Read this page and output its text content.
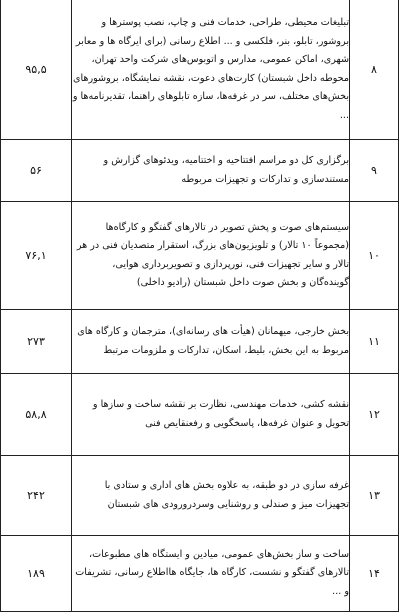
۸	تبلیغات محیطی، طراحی، خدمات فنی و چاپ، نصب پوسترها و بروشور، تابلو، بنر، فلکسی و ... اطلاع رسانی (برای ایرگاه ها و معابر شهری، اماکن عمومی، مدارس و اتوبوس‌های شرکت واحد تهران، محوطه داخل شبستان) کارت‌های دعوت، نقشه نمایشگاه، بروشورهای بخش‌های مختلف، سر در غرفه‌ها، سازه تابلوهای راهنما، تقدیرنامه‌ها و ...	۹۵,۵
۹	برگزاری کل دو مراسم افتتاحیه و اختتامیه، ویدئوهای گزارش و مستندسازی و تدارکات و تجهیزات مربوطه	۵۶
۱۰	سیستم‌های صوت و پخش تصویر در تالارهای گفتگو و کارگاه‌ها (مجموعاً ۱۰ تالار) و تلویزیون‌های بزرگ، استقرار متصدیان فنی در هر تالار و سایر تجهیزات فنی، نورپردازی و تصویربرداری هوایی، گوینده‌گان و بخش صوت داخل شبستان (رادیو داخلی)	۷۶,۱
۱۱	بخش خارجی، میهمانان (هیأت های رسانه‌ای)، مترجمان و کارگاه های مربوط به این بخش، بلیط، اسکان، تدارکات و ملزومات مرتبط	۲۷۳
۱۲	نقشه کشی، خدمات مهندسی، نظارت بر نقشه ساخت و سازها و تحویل و عنوان غرفه‌ها، پاسخگویی و رفعنقایص فنی	۵۸,۸
۱۳	غرفه سازی در دو طبقه، به علاوه بخش های اداری و ستادی با تجهیزات میز و صندلی و روشنایی وسردرورودی های شبستان	۲۴۲
۱۴	ساخت و ساز بخش‌های عمومی، میادین و ایستگاه های مطبوعات، تالارهای گفتگو و نشست، کارگاه ها، جایگاه هااطلاع رسانی، تشریفات و ...	۱۸۹
